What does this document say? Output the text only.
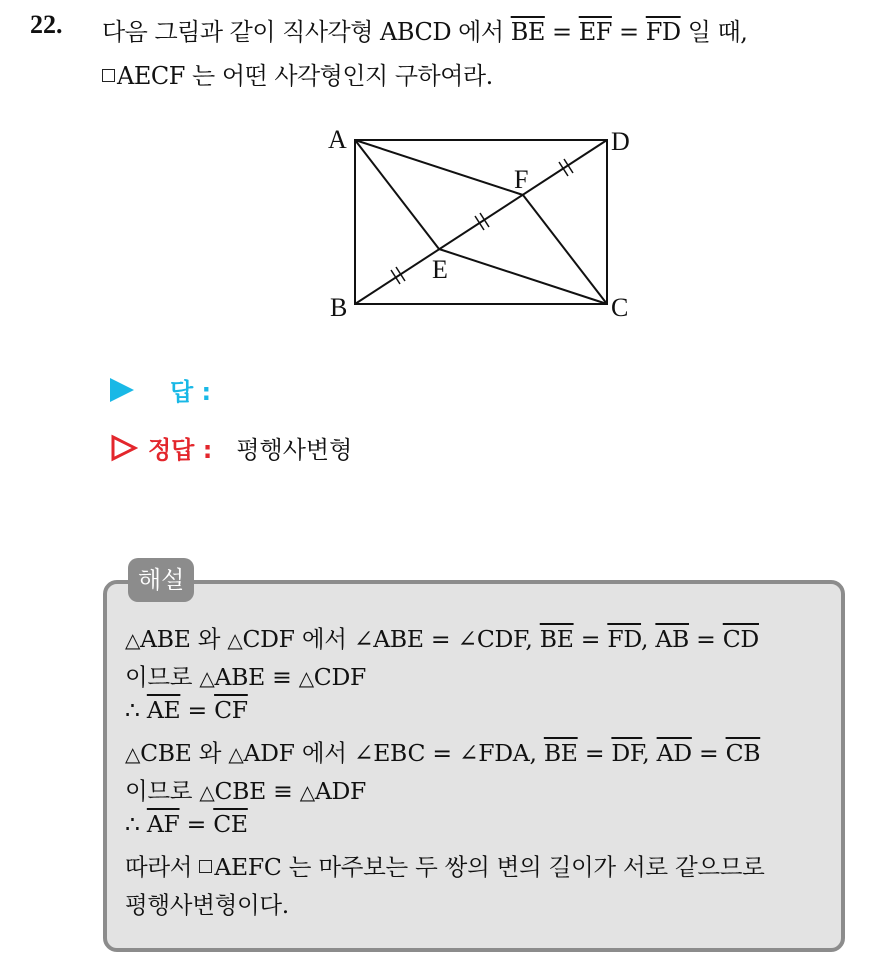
22. 다음 그림과 같이 직사각형 ABCD 에서 $\overline{BE} = \overline{EF} = \overline{FD}$ 일 때,
AECF 는 어떤 사각형인지 구하여라.
A
B	C
D
E
F
답 :
정답 : 평행사변형
해설
△ABE 와 △CDF 에서 ∠ABE = ∠CDF, $\overline{BE} = \overline{FD}$, $\overline{AB} = \overline{CD}$
이므로 △ABE ≡ △CDF
∴ $\overline{AE} = \overline{CF}$
△CBE 와 △ADF 에서 ∠EBC = ∠FDA, $\overline{BE} = \overline{DF}$, $\overline{AD} = \overline{CB}$
이므로 △CBE ≡ △ADF
∴ $\overline{AF} = \overline{CE}$
따라서 AEFC 는 마주보는 두 쌍의 변의 길이가 서로 같으므로
평행사변형이다.
